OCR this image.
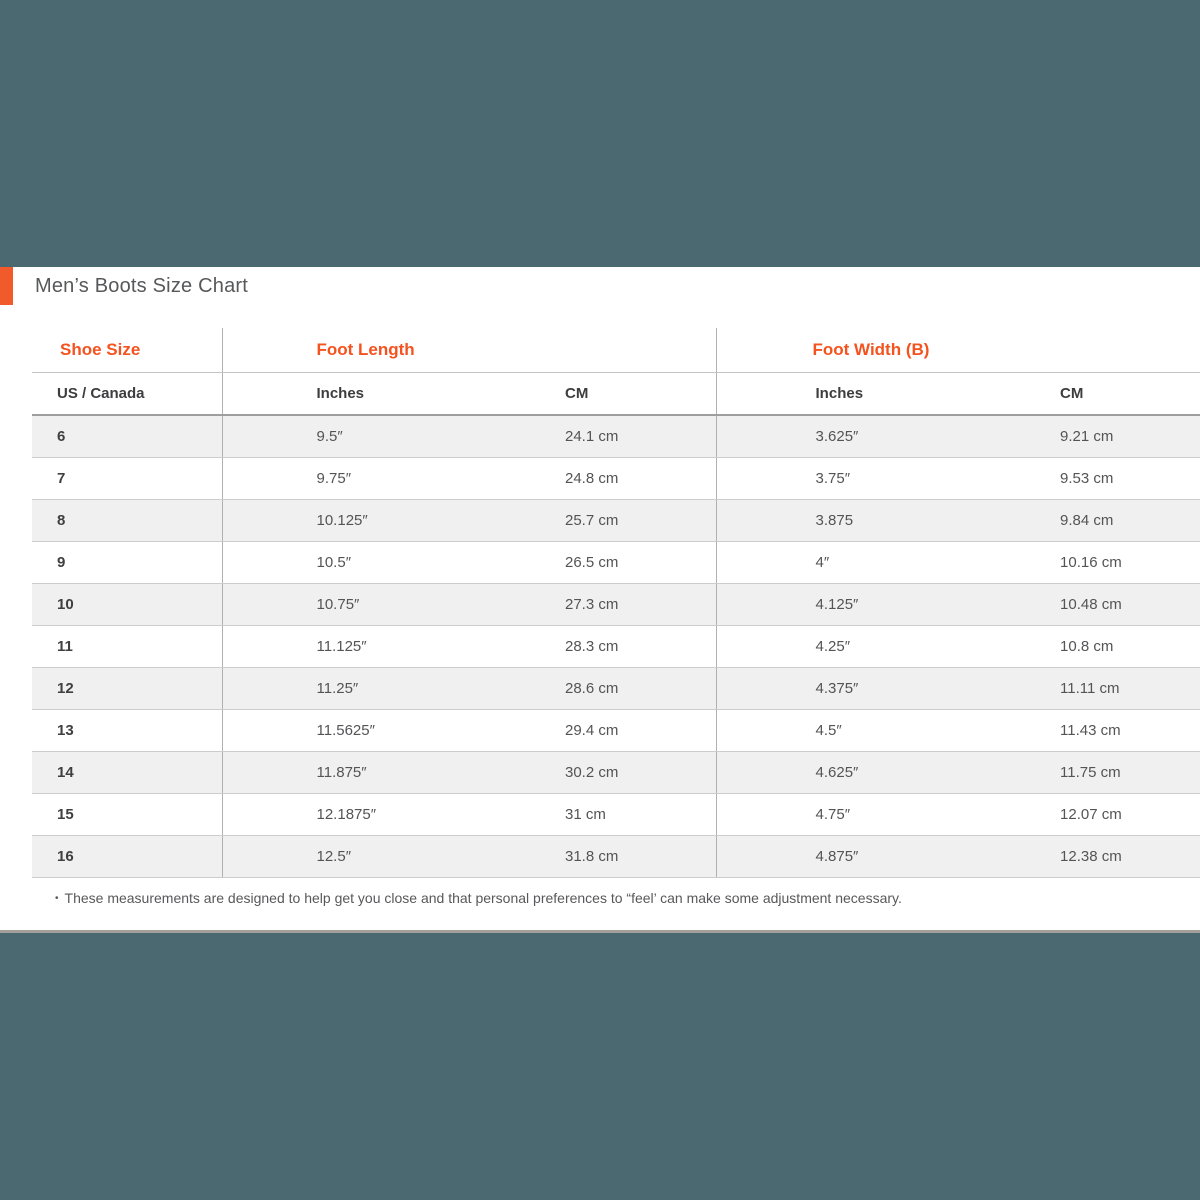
Men’s Boots Size Chart
Shoe Size	Foot Length		Foot Width (B)	
US / Canada	Inches	CM	Inches	CM
6	9.5″	24.1 cm	3.625″	9.21 cm
7	9.75″	24.8 cm	3.75″	9.53 cm
8	10.125″	25.7 cm	3.875	9.84 cm
9	10.5″	26.5 cm	4″	10.16 cm
10	10.75″	27.3 cm	4.125″	10.48 cm
11	11.125″	28.3 cm	4.25″	10.8 cm
12	11.25″	28.6 cm	4.375″	11.11 cm
13	11.5625″	29.4 cm	4.5″	11.43 cm
14	11.875″	30.2 cm	4.625″	11.75 cm
15	12.1875″	31 cm	4.75″	12.07 cm
16	12.5″	31.8 cm	4.875″	12.38 cm
• These measurements are designed to help get you close and that personal preferences to “feel’ can make some adjustment necessary.
